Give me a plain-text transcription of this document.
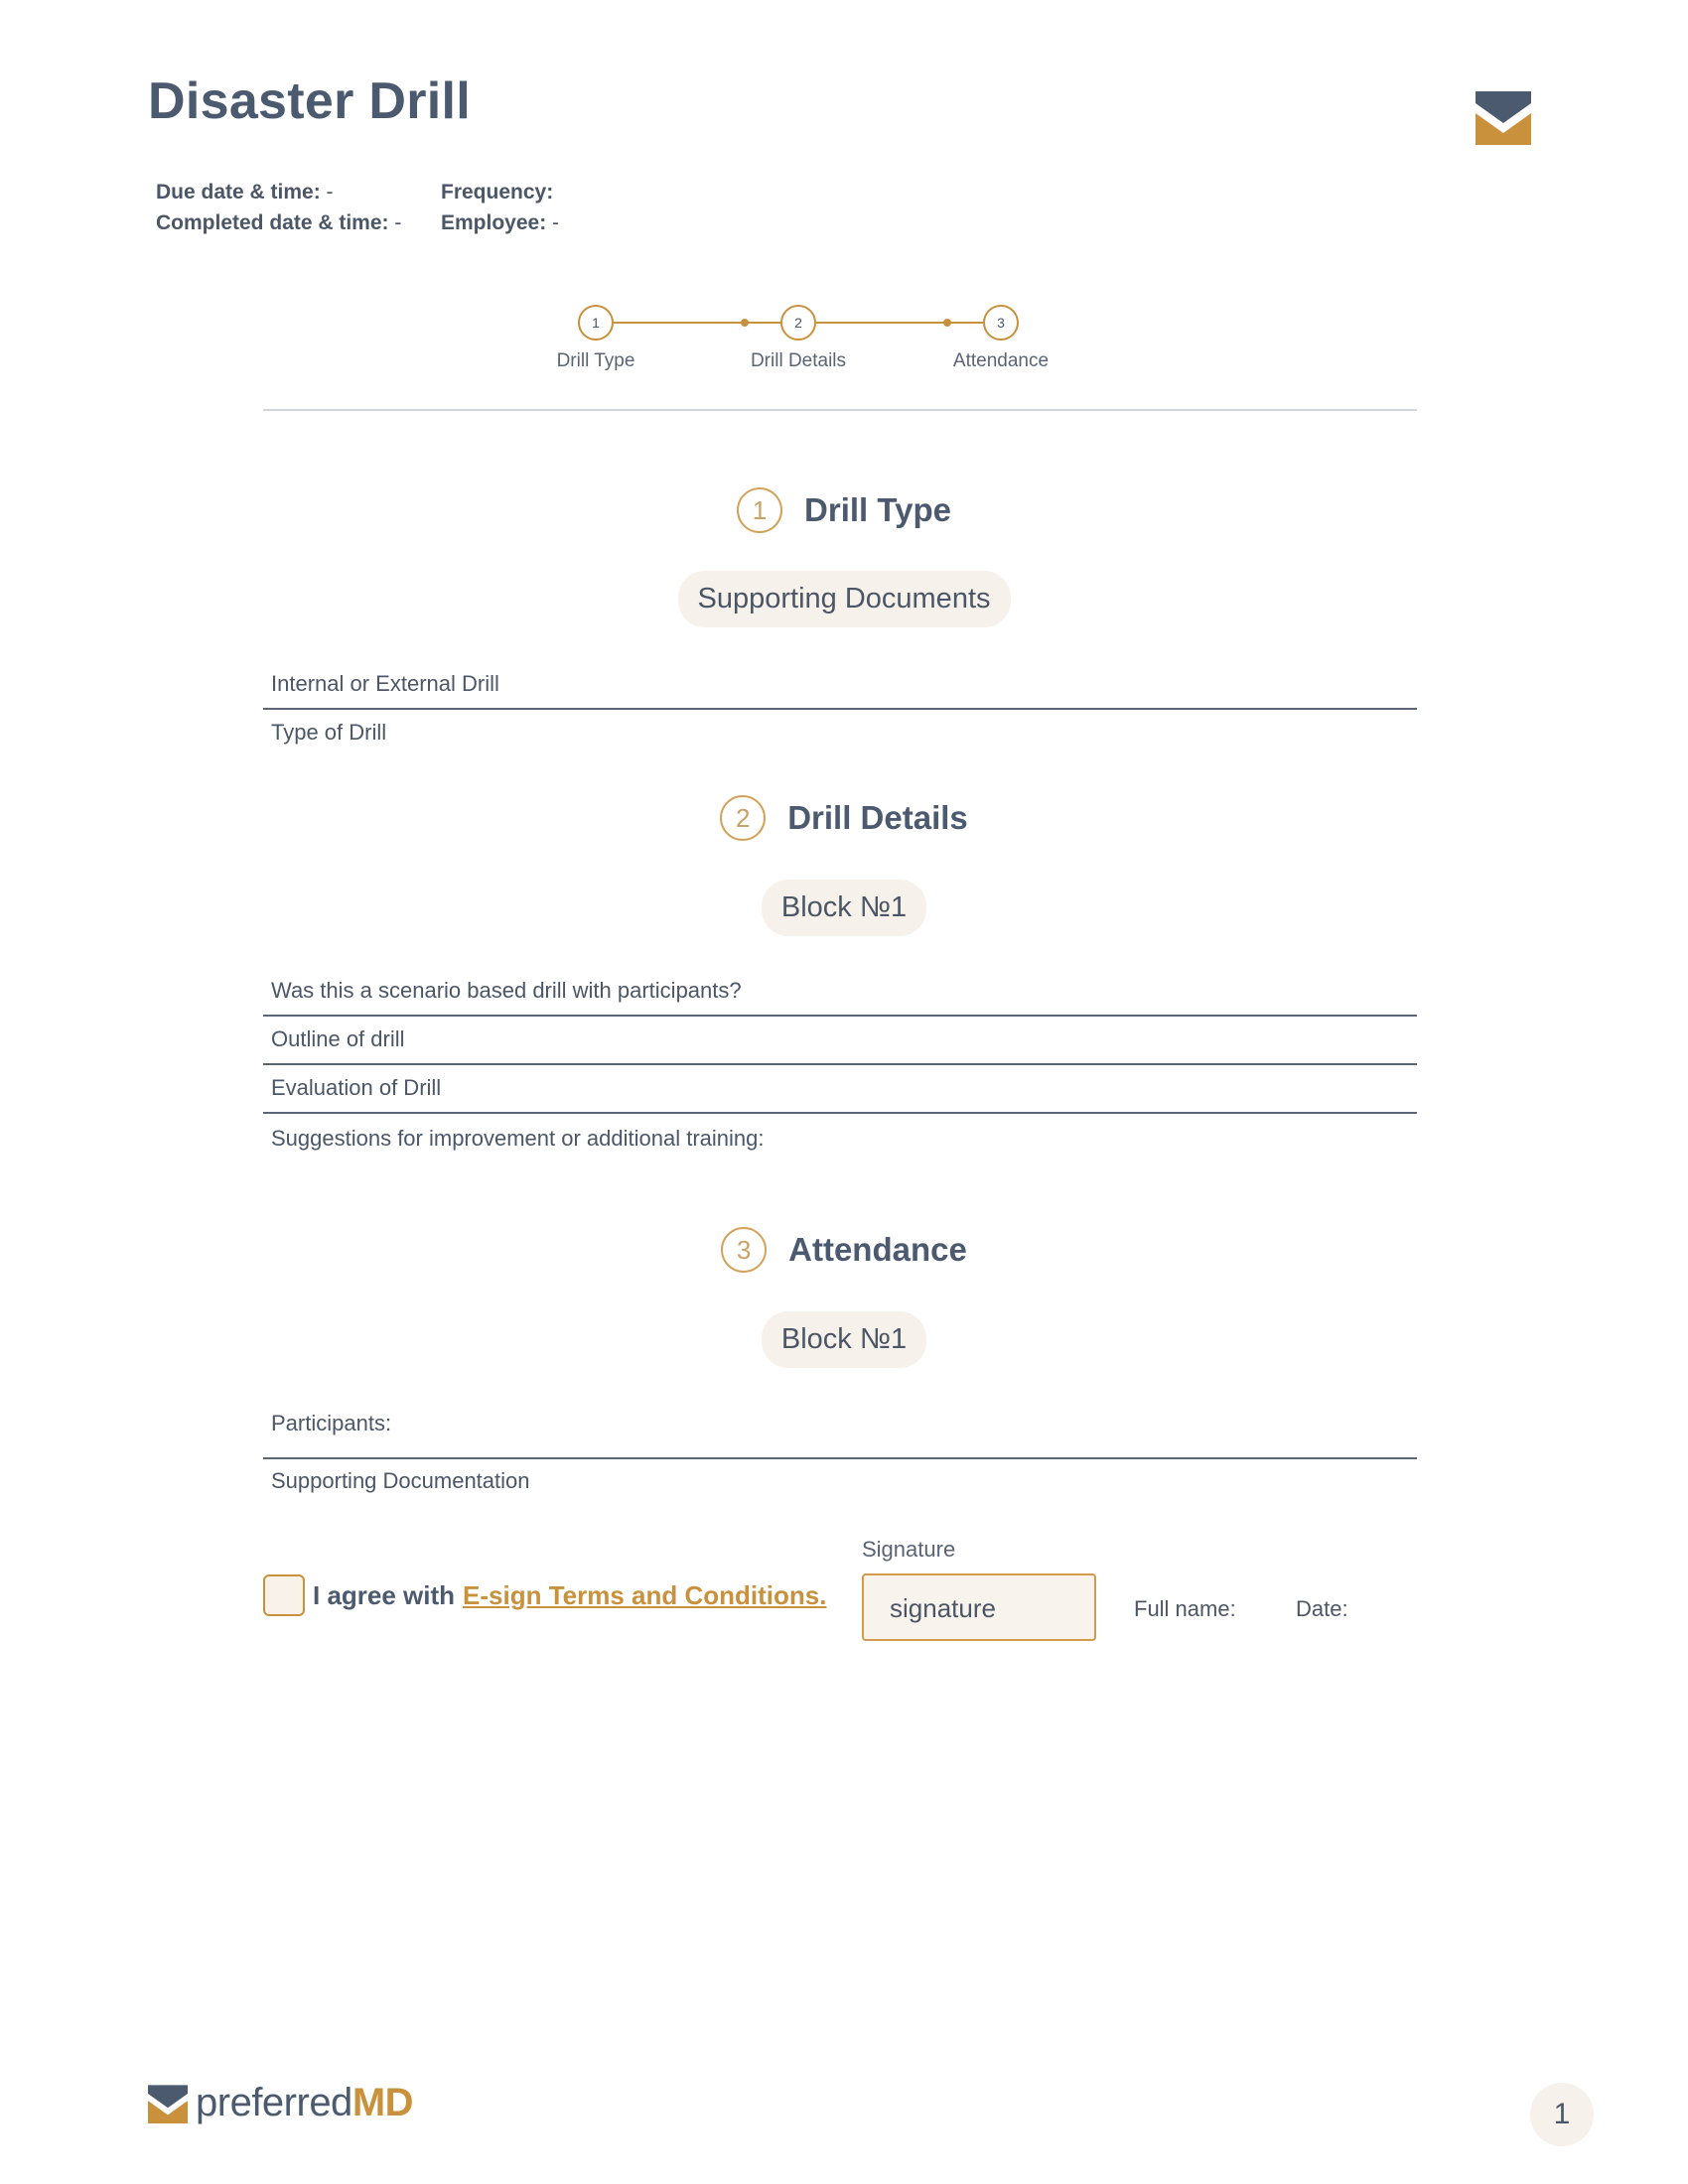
Disaster Drill
Due date & time: -
Completed date & time: -
Frequency:
Employee: -
1	2	3
Drill Type	Drill Details	Attendance
1	Drill Type
Supporting Documents
Internal or External Drill
Type of Drill
2	Drill Details
Block №1
Was this a scenario based drill with participants?
Outline of drill
Evaluation of Drill
Suggestions for improvement or additional training:
3	Attendance
Block №1
Participants:
Supporting Documentation
I agree with E-sign Terms and Conditions.
Signature
signature	Full name:	Date:
preferredMD	1
